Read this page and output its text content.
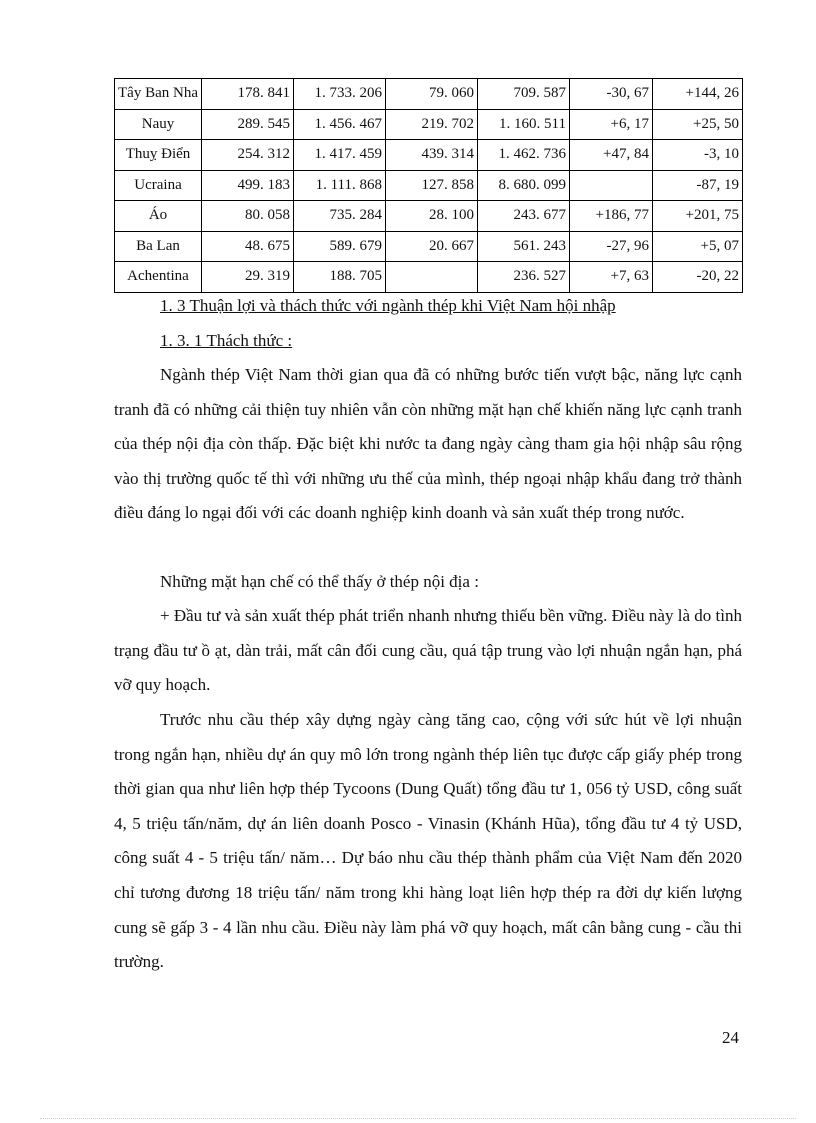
Tây Ban Nha	178. 841	1. 733. 206	79. 060	709. 587	-30, 67	+144, 26
Nauy	289. 545	1. 456. 467	219. 702	1. 160. 511	+6, 17	+25, 50
Thuỵ Điển	254. 312	1. 417. 459	439. 314	1. 462. 736	+47, 84	-3, 10
Ucraina	499. 183	1. 111. 868	127. 858	8. 680. 099		-87, 19
Áo	80. 058	735. 284	28. 100	243. 677	+186, 77	+201, 75
Ba Lan	48. 675	589. 679	20. 667	561. 243	-27, 96	+5, 07
Achentina	29. 319	188. 705		236. 527	+7, 63	-20, 22
1. 3 Thuận lợi và thách thức với ngành thép khi Việt Nam hội nhập
1. 3. 1 Thách thức :

Ngành thép Việt Nam thời gian qua đã có những bước tiến vượt bậc, năng lực cạnh tranh đã có những cải thiện tuy nhiên vẫn còn những mặt hạn chế khiến năng lực cạnh tranh của thép nội địa còn thấp. Đặc biệt khi nước ta đang ngày càng tham gia hội nhập sâu rộng vào thị trường quốc tế thì với những ưu thế của mình, thép ngoại nhập khẩu đang trở thành điều đáng lo ngại đối với các doanh nghiệp kinh doanh và sản xuất thép trong nước.

Những mặt hạn chế có thể thấy ở thép nội địa :

+ Đầu tư và sản xuất thép phát triển nhanh nhưng thiếu bền vững. Điều này là do tình trạng đầu tư ồ ạt, dàn trải, mất cân đối cung cầu, quá tập trung vào lợi nhuận ngắn hạn, phá vỡ quy hoạch.

Trước nhu cầu thép xây dựng ngày càng tăng cao, cộng với sức hút về lợi nhuận trong ngắn hạn, nhiều dự án quy mô lớn trong ngành thép liên tục được cấp giấy phép trong thời gian qua như liên hợp thép Tycoons (Dung Quất) tổng đầu tư 1, 056 tỷ USD, công suất 4, 5 triệu tấn/năm, dự án liên doanh Posco - Vinasin (Khánh Hũa), tổng đầu tư 4 tỷ USD, công suất 4 - 5 triệu tấn/ năm… Dự báo nhu cầu thép thành phẩm của Việt Nam đến 2020 chỉ tương đương 18 triệu tấn/ năm trong khi hàng loạt liên hợp thép ra đời dự kiến lượng cung sẽ gấp 3 - 4 lần nhu cầu. Điều này làm phá vỡ quy hoạch, mất cân bằng cung - cầu thi trường.

24
